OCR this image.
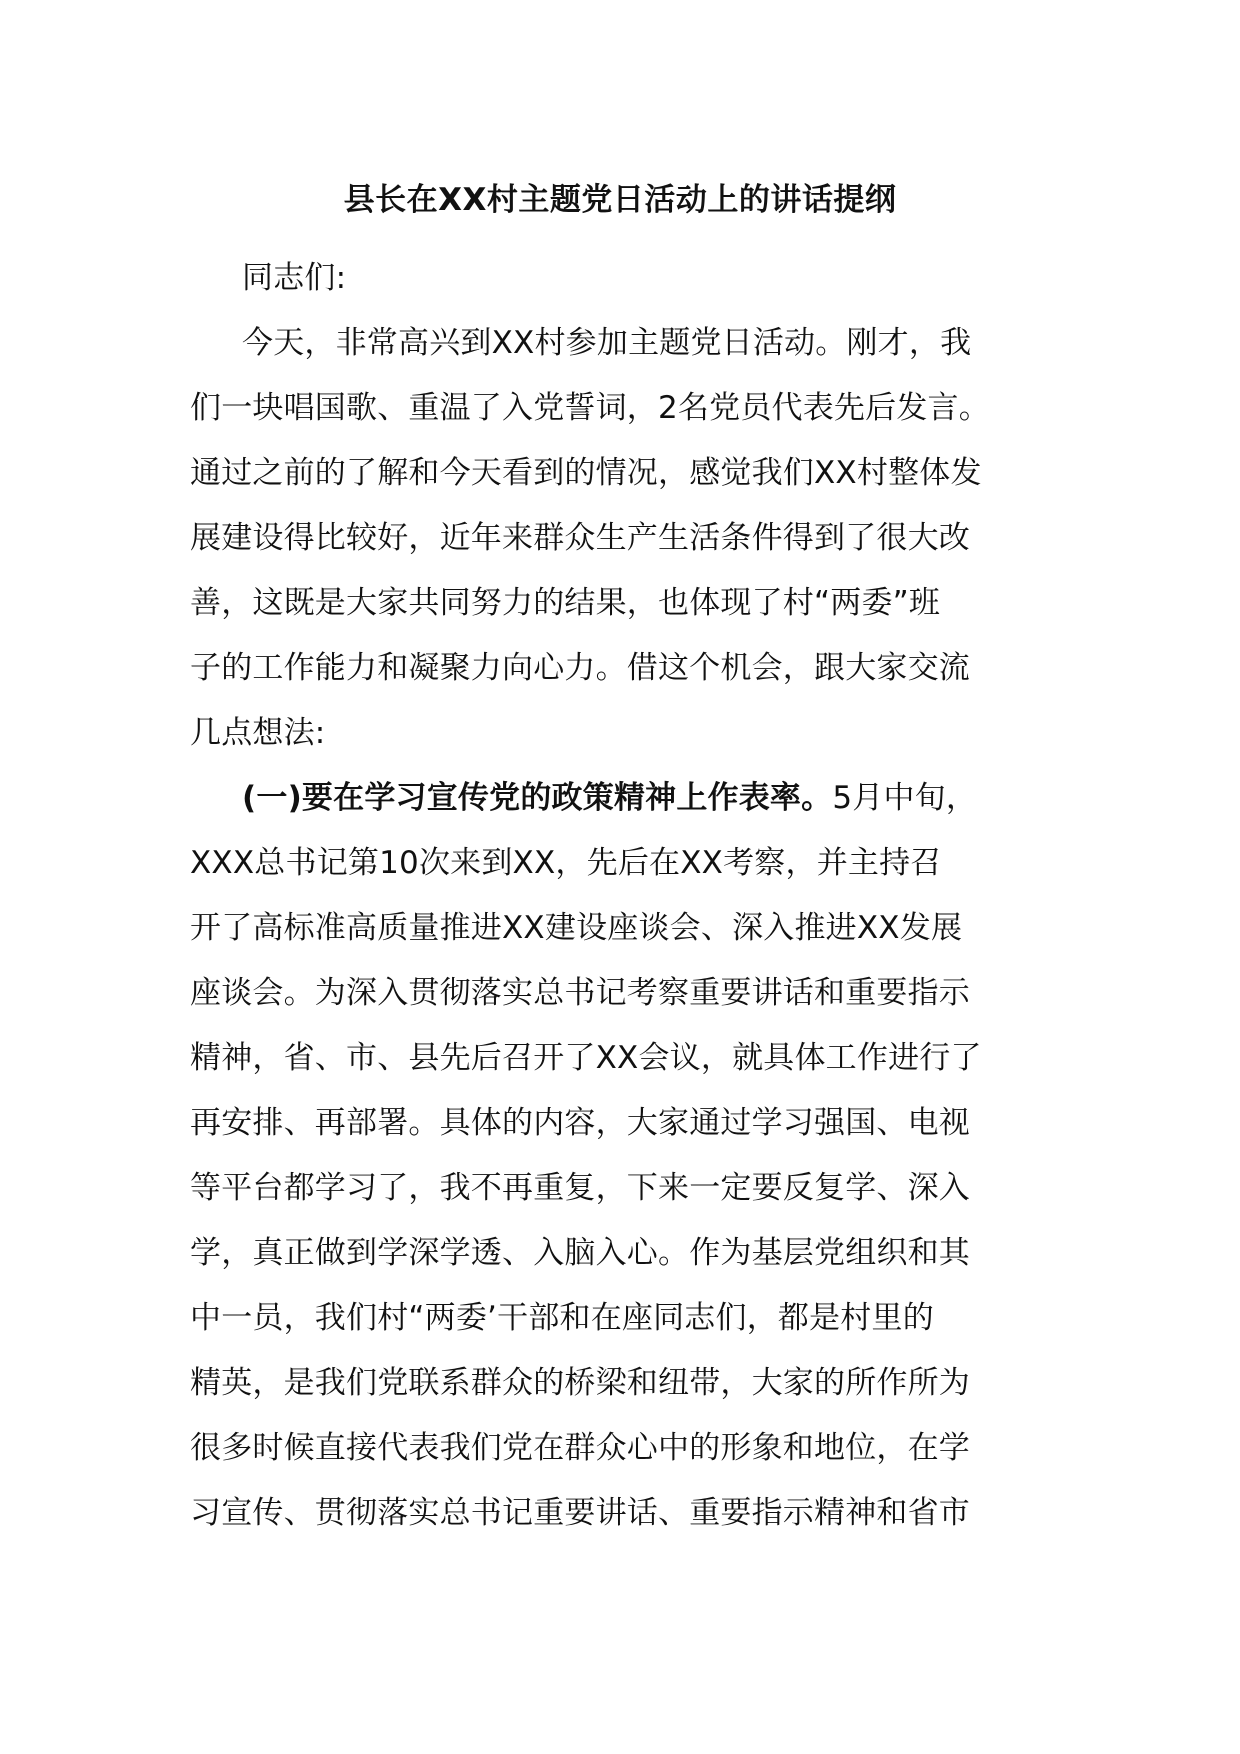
县长在XX村主题党日活动上的讲话提纲
同志们:
今天，非常高兴到XX村参加主题党日活动。刚才，我
们一块唱国歌、重温了入党誓词，2名党员代表先后发言。
通过之前的了解和今天看到的情况，感觉我们XX村整体发
展建设得比较好，近年来群众生产生活条件得到了很大改
善，这既是大家共同努力的结果，也体现了村“两委”班
子的工作能力和凝聚力向心力。借这个机会，跟大家交流
几点想法:
(一)要在学习宣传党的政策精神上作表率。5月中旬，
XXX总书记第10次来到XX，先后在XX考察，并主持召
开了高标准高质量推进XX建设座谈会、深入推进XX发展
座谈会。为深入贯彻落实总书记考察重要讲话和重要指示
精神，省、市、县先后召开了XX会议，就具体工作进行了
再安排、再部署。具体的内容，大家通过学习强国、电视
等平台都学习了，我不再重复，下来一定要反复学、深入
学，真正做到学深学透、入脑入心。作为基层党组织和其
中一员，我们村“两委’干部和在座同志们，都是村里的
精英，是我们党联系群众的桥梁和纽带，大家的所作所为
很多时候直接代表我们党在群众心中的形象和地位，在学
习宣传、贯彻落实总书记重要讲话、重要指示精神和省市
